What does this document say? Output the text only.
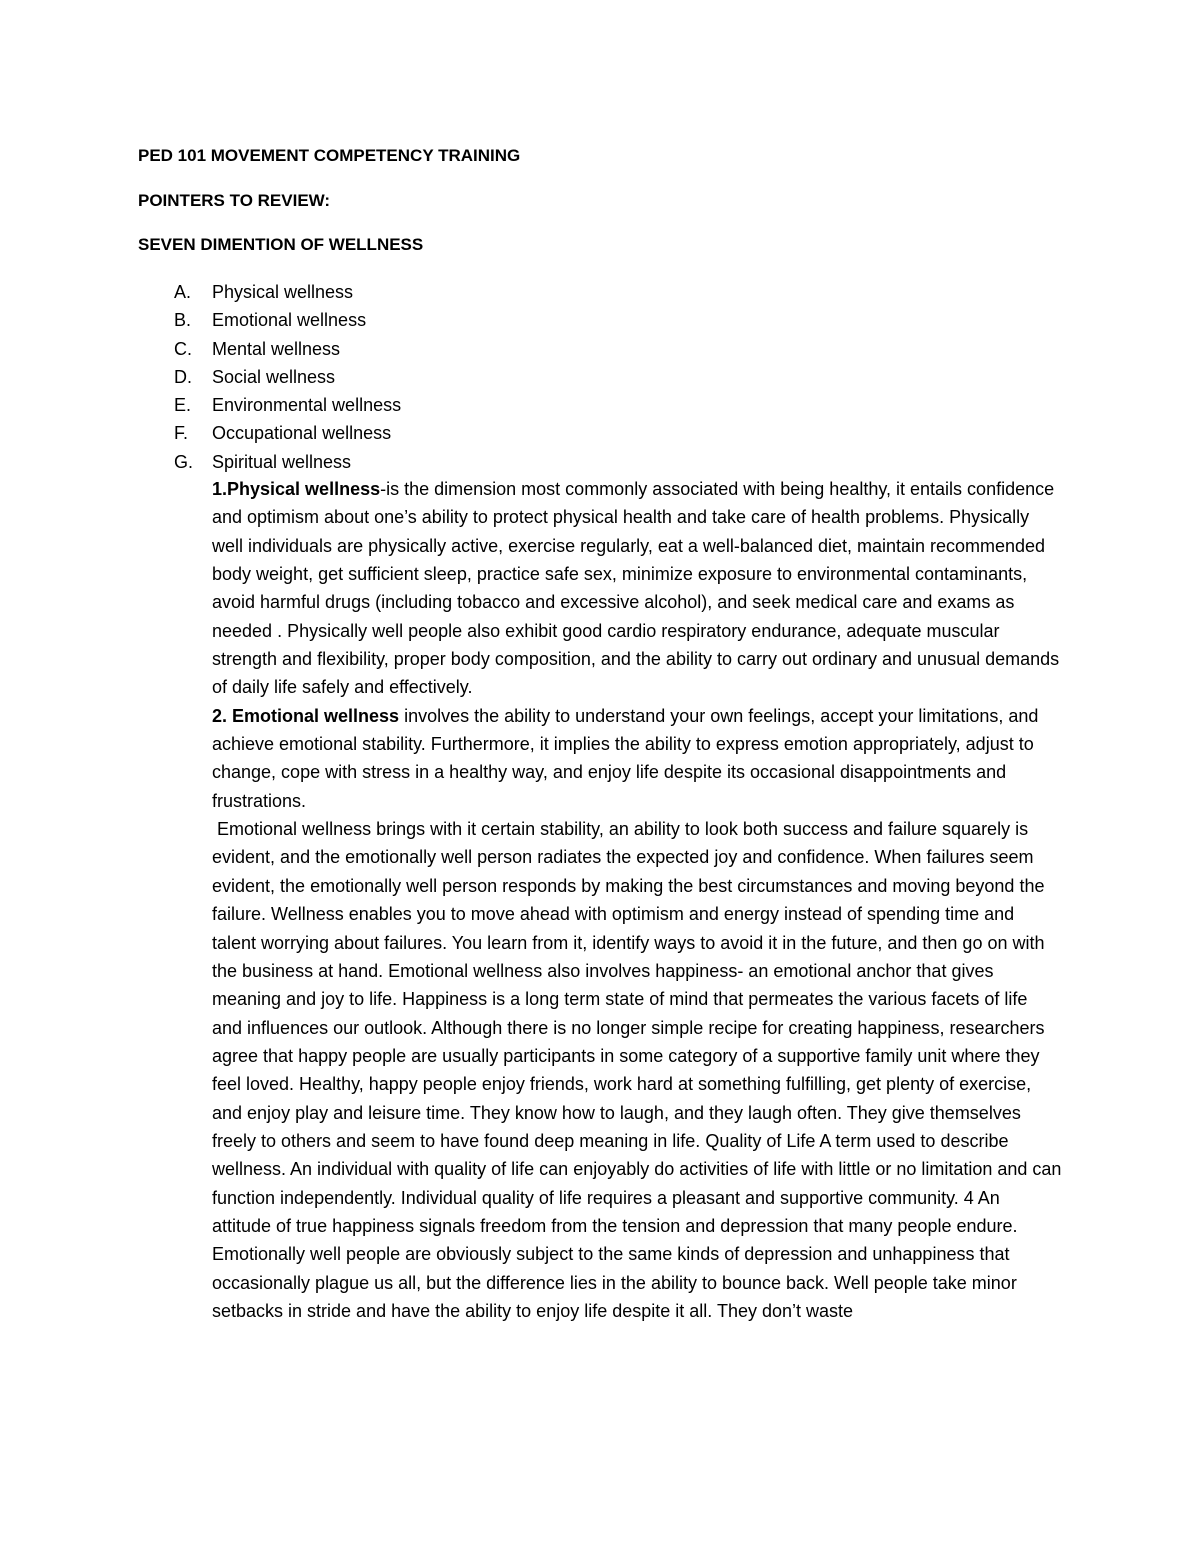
PED 101 MOVEMENT COMPETENCY TRAINING
POINTERS TO REVIEW:
SEVEN DIMENTION OF WELLNESS
A. Physical wellness
B. Emotional wellness
C. Mental wellness
D. Social wellness
E. Environmental wellness
F. Occupational wellness
G. Spiritual wellness

1.Physical wellness-is the dimension most commonly associated with being healthy, it entails confidence and optimism about one’s ability to protect physical health and take care of health problems. Physically well individuals are physically active, exercise regularly, eat a well-balanced diet, maintain recommended body weight, get sufficient sleep, practice safe sex, minimize exposure to environmental contaminants, avoid harmful drugs (including tobacco and excessive alcohol), and seek medical care and exams as needed . Physically well people also exhibit good cardio respiratory endurance, adequate muscular strength and flexibility, proper body composition, and the ability to carry out ordinary and unusual demands of daily life safely and effectively.

2. Emotional wellness involves the ability to understand your own feelings, accept your limitations, and achieve emotional stability. Furthermore, it implies the ability to express emotion appropriately, adjust to change, cope with stress in a healthy way, and enjoy life despite its occasional disappointments and frustrations.

Emotional wellness brings with it certain stability, an ability to look both success and failure squarely is evident, and the emotionally well person radiates the expected joy and confidence. When failures seem evident, the emotionally well person responds by making the best circumstances and moving beyond the failure. Wellness enables you to move ahead with optimism and energy instead of spending time and talent worrying about failures. You learn from it, identify ways to avoid it in the future, and then go on with the business at hand. Emotional wellness also involves happiness- an emotional anchor that gives meaning and joy to life. Happiness is a long term state of mind that permeates the various facets of life and influences our outlook. Although there is no longer simple recipe for creating happiness, researchers agree that happy people are usually participants in some category of a supportive family unit where they feel loved. Healthy, happy people enjoy friends, work hard at something fulfilling, get plenty of exercise, and enjoy play and leisure time. They know how to laugh, and they laugh often. They give themselves freely to others and seem to have found deep meaning in life. Quality of Life A term used to describe wellness. An individual with quality of life can enjoyably do activities of life with little or no limitation and can function independently. Individual quality of life requires a pleasant and supportive community. 4 An attitude of true happiness signals freedom from the tension and depression that many people endure. Emotionally well people are obviously subject to the same kinds of depression and unhappiness that occasionally plague us all, but the difference lies in the ability to bounce back. Well people take minor setbacks in stride and have the ability to enjoy life despite it all. They don’t waste
